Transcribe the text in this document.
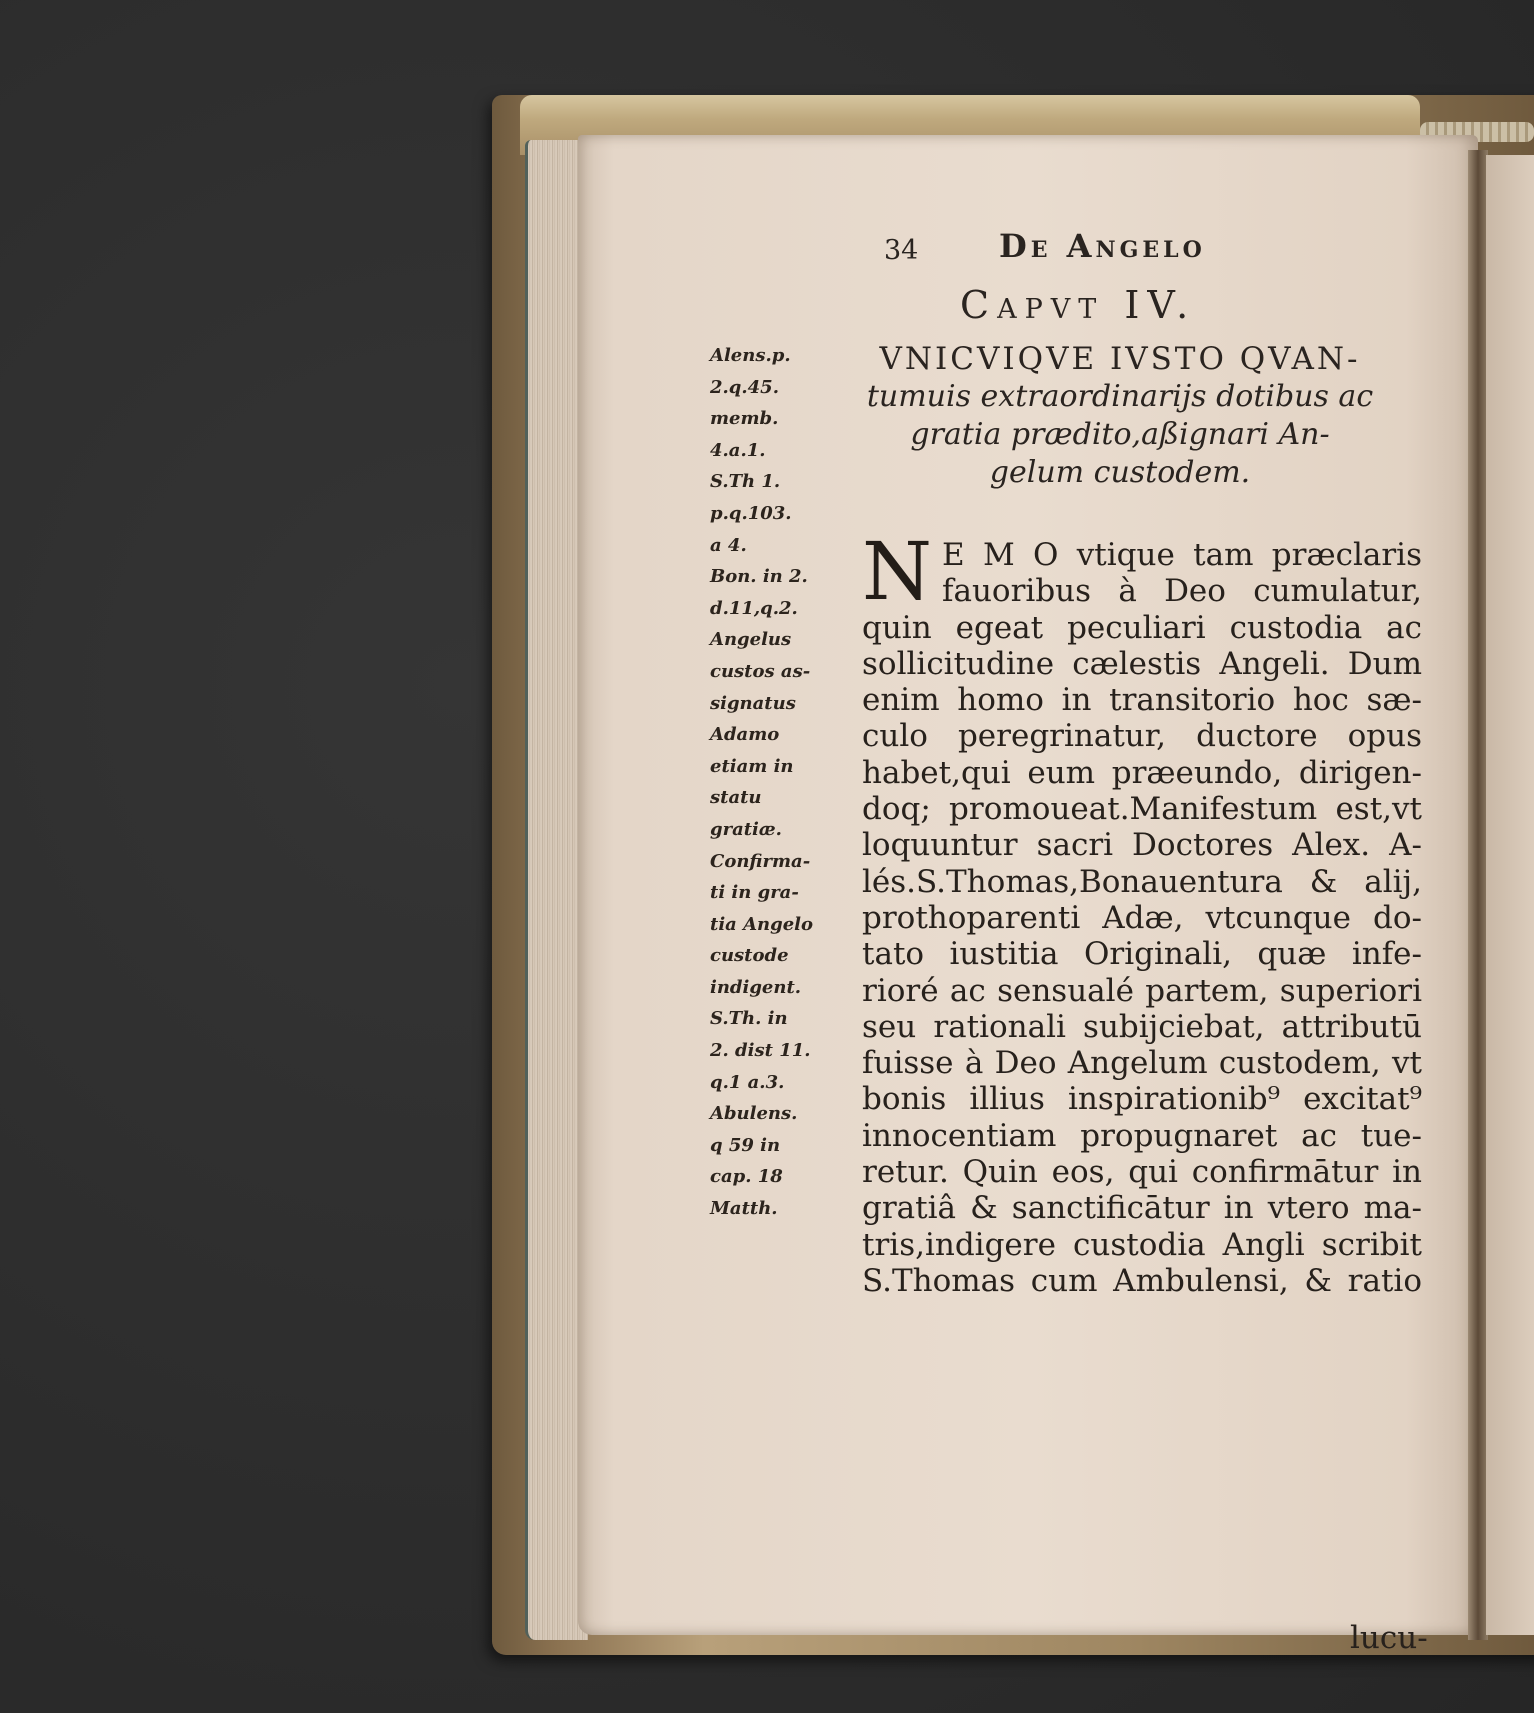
34	De Angelo
Capvt IV.
VNICVIQVE IVSTO QVAN-
tumuis extraordinarijs dotibus ac
gratia prædito,aßignari An-
gelum custodem.
Alens.p.
2.q.45.
memb.
4.a.1.
S.Th 1.
p.q.103.
a 4.
Bon. in 2.
d.11,q.2.
Angelus
custos as-
signatus
Adamo
etiam in
statu
gratiæ.
Confirma-
ti in gra-
tia Angelo
custode
indigent.
S.Th. in
2. dist 11.
q.1 a.3.
Abulens.
q 59 in
cap. 18
Matth.
N E M O vtique tam præclaris
fauoribus à Deo cumulatur,
quin egeat peculiari custodia ac
sollicitudine cælestis Angeli. Dum
enim homo in transitorio hoc sæ-
culo peregrinatur, ductore opus
habet,qui eum præeundo, dirigen-
doq; promoueat.Manifestum est,vt
loquuntur sacri Doctores Alex. A-
lés.S.Thomas,Bonauentura & alij,
prothoparenti Adæ, vtcunque do-
tato iustitia Originali, quæ infe-
rioré ac sensualé partem, superiori
seu rationali subijciebat, attributū
fuisse à Deo Angelum custodem, vt
bonis illius inspirationib⁹ excitat⁹
innocentiam propugnaret ac tue-
retur. Quin eos, qui confirmātur in
gratiâ & sanctificātur in vtero ma-
tris,indigere custodia Angli scribit
S.Thomas cum Ambulensi, & ratio
lucu-
